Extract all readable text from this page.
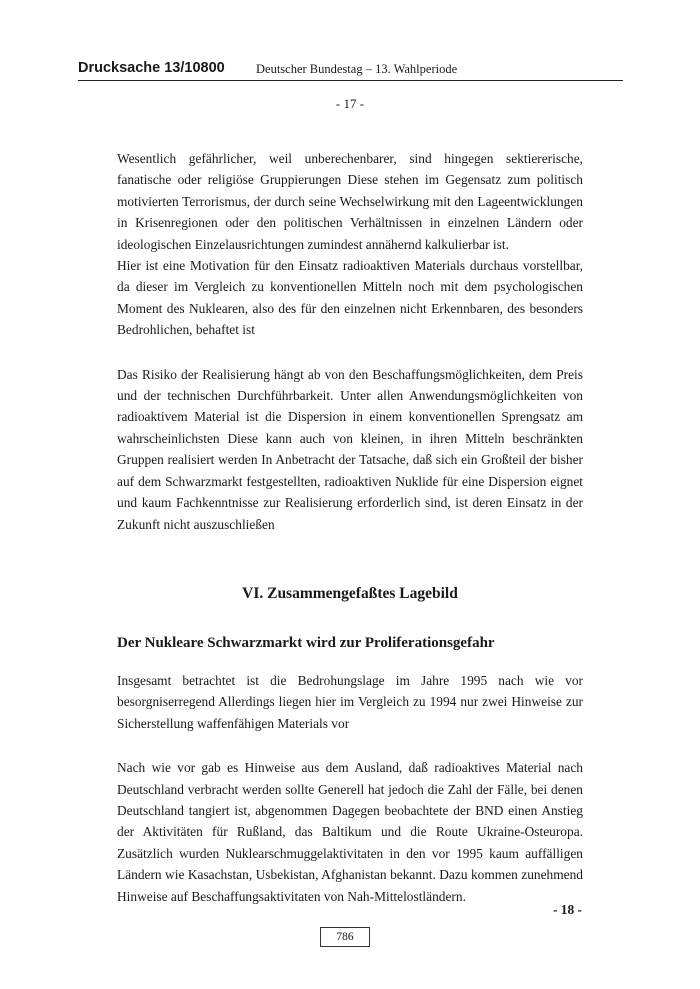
Drucksache 13/10800	Deutscher Bundestag – 13. Wahlperiode
- 17 -

Wesentlich gefährlicher, weil unberechenbarer, sind hingegen sektiererische, fanatische oder religiöse Gruppierungen Diese stehen im Gegensatz zum politisch motivierten Terrorismus, der durch seine Wechselwirkung mit den Lageentwicklungen in Krisenregionen oder den politischen Verhältnissen in einzelnen Ländern oder ideologischen Einzelausrichtungen zumindest annähernd kalkulierbar ist.

Hier ist eine Motivation für den Einsatz radioaktiven Materials durchaus vorstellbar, da dieser im Vergleich zu konventionellen Mitteln noch mit dem psychologischen Moment des Nuklearen, also des für den einzelnen nicht Erkennbaren, des besonders Bedrohlichen, behaftet ist

Das Risiko der Realisierung hängt ab von den Beschaffungsmöglichkeiten, dem Preis und der technischen Durchführbarkeit. Unter allen Anwendungsmöglichkeiten von radioaktivem Material ist die Dispersion in einem konventionellen Sprengsatz am wahrscheinlichsten Diese kann auch von kleinen, in ihren Mitteln beschränkten Gruppen realisiert werden In Anbetracht der Tatsache, daß sich ein Großteil der bisher auf dem Schwarzmarkt festgestellten, radioaktiven Nuklide für eine Dispersion eignet und kaum Fachkenntnisse zur Realisierung erforderlich sind, ist deren Einsatz in der Zukunft nicht auszuschließen

VI. Zusammengefaßtes Lagebild
Der Nukleare Schwarzmarkt wird zur Proliferationsgefahr

Insgesamt betrachtet ist die Bedrohungslage im Jahre 1995 nach wie vor besorgniserregend Allerdings liegen hier im Vergleich zu 1994 nur zwei Hinweise zur Sicherstellung waffenfähigen Materials vor

Nach wie vor gab es Hinweise aus dem Ausland, daß radioaktives Material nach Deutschland verbracht werden sollte Generell hat jedoch die Zahl der Fälle, bei denen Deutschland tangiert ist, abgenommen Dagegen beobachtete der BND einen Anstieg der Aktivitäten für Rußland, das Baltikum und die Route Ukraine-Osteuropa. Zusätzlich wurden Nuklearschmuggelaktivitaten in den vor 1995 kaum auffälligen Ländern wie Kasachstan, Usbekistan, Afghanistan bekannt. Dazu kommen zunehmend Hinweise auf Beschaffungsaktivitaten von Nah-Mittelostländern.

- 18 -
786
